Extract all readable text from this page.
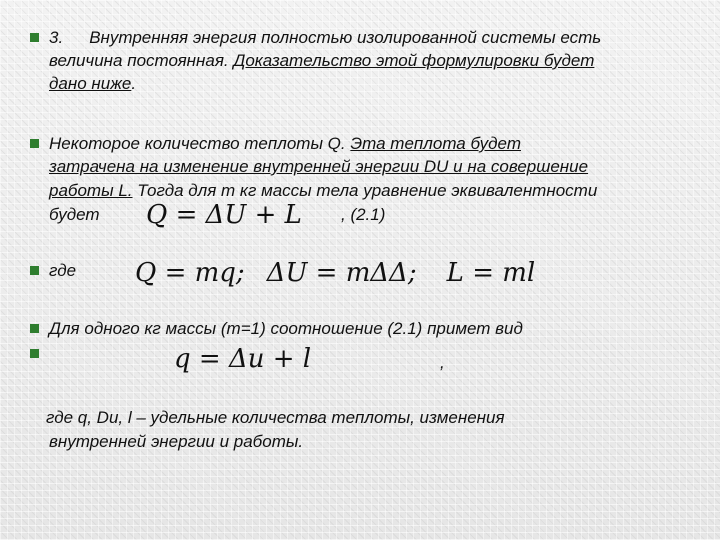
3. Внутренняя энергия полностью изолированной системы есть
величина постоянная. Доказательство этой формулировки будет
дано ниже.
Некоторое количество теплоты Q. Эта теплота будет
затрачена на изменение внутренней энергии DU и на совершение
работы L. Тогда для m кг массы тела уравнение эквивалентности
будет Q = ΔU + L , (2.1)
где Q = mq; ΔU = mΔΔ; L = ml
Для одного кг массы (m=1) соотношение (2.1) примет вид
q = Δu + l	,
где q, Du, l – удельные количества теплоты, изменения
внутренней энергии и работы.
